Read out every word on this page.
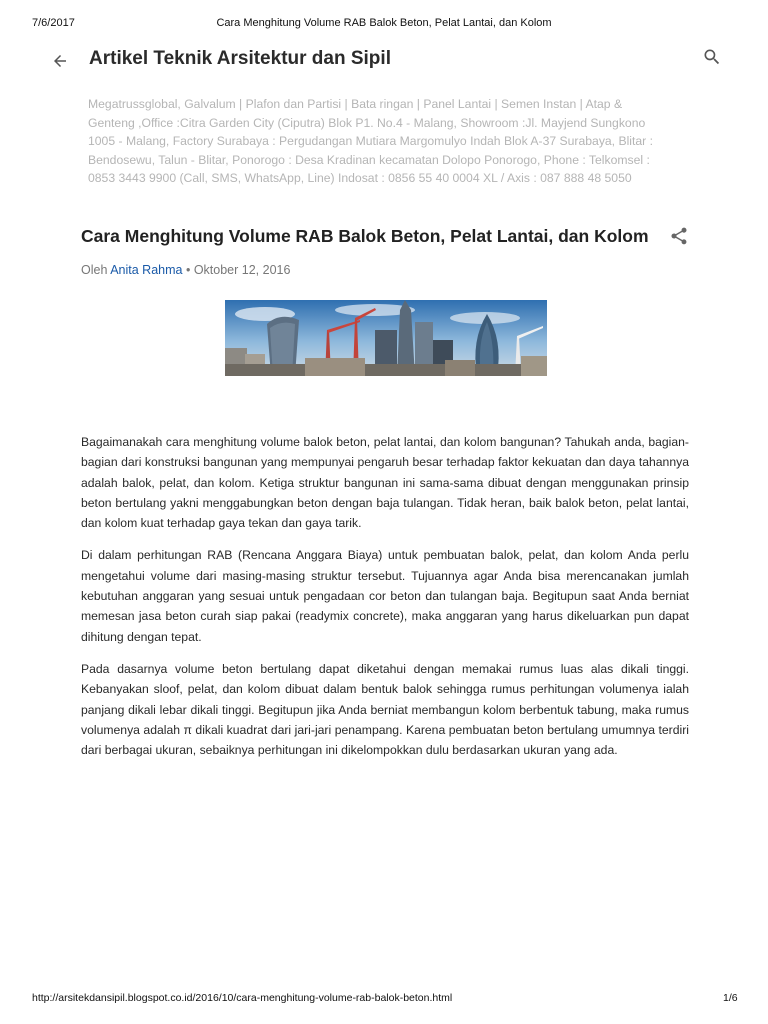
7/6/2017	Cara Menghitung Volume RAB Balok Beton, Pelat Lantai, dan Kolom
Artikel Teknik Arsitektur dan Sipil
Megatrussglobal, Galvalum | Plafon dan Partisi | Bata ringan | Panel Lantai | Semen Instan | Atap & Genteng ,Office :Citra Garden City (Ciputra) Blok P1. No.4 - Malang, Showroom :Jl. Mayjend Sungkono 1005 - Malang, Factory Surabaya : Pergudangan Mutiara Margomulyo Indah Blok A-37 Surabaya, Blitar : Bendosewu, Talun - Blitar, Ponorogo : Desa Kradinan kecamatan Dolopo Ponorogo, Phone : Telkomsel : 0853 3443 9900 (Call, SMS, WhatsApp, Line) Indosat : 0856 55 40 0004 XL / Axis : 087 888 48 5050
Cara Menghitung Volume RAB Balok Beton, Pelat Lantai, dan Kolom
Oleh Anita Rahma • Oktober 12, 2016

Bagaimanakah cara menghitung volume balok beton, pelat lantai, dan kolom bangunan? Tahukah anda, bagian-bagian dari konstruksi bangunan yang mempunyai pengaruh besar terhadap faktor kekuatan dan daya tahannya adalah balok, pelat, dan kolom. Ketiga struktur bangunan ini sama-sama dibuat dengan menggunakan prinsip beton bertulang yakni menggabungkan beton dengan baja tulangan. Tidak heran, baik balok beton, pelat lantai, dan kolom kuat terhadap gaya tekan dan gaya tarik.

Di dalam perhitungan RAB (Rencana Anggara Biaya) untuk pembuatan balok, pelat, dan kolom Anda perlu mengetahui volume dari masing-masing struktur tersebut. Tujuannya agar Anda bisa merencanakan jumlah kebutuhan anggaran yang sesuai untuk pengadaan cor beton dan tulangan baja. Begitupun saat Anda berniat memesan jasa beton curah siap pakai (readymix concrete), maka anggaran yang harus dikeluarkan pun dapat dihitung dengan tepat.

Pada dasarnya volume beton bertulang dapat diketahui dengan memakai rumus luas alas dikali tinggi. Kebanyakan sloof, pelat, dan kolom dibuat dalam bentuk balok sehingga rumus perhitungan volumenya ialah panjang dikali lebar dikali tinggi. Begitupun jika Anda berniat membangun kolom berbentuk tabung, maka rumus volumenya adalah π dikali kuadrat dari jari-jari penampang. Karena pembuatan beton bertulang umumnya terdiri dari berbagai ukuran, sebaiknya perhitungan ini dikelompokkan dulu berdasarkan ukuran yang ada.

http://arsitekdansipil.blogspot.co.id/2016/10/cara-menghitung-volume-rab-balok-beton.html	1/6
